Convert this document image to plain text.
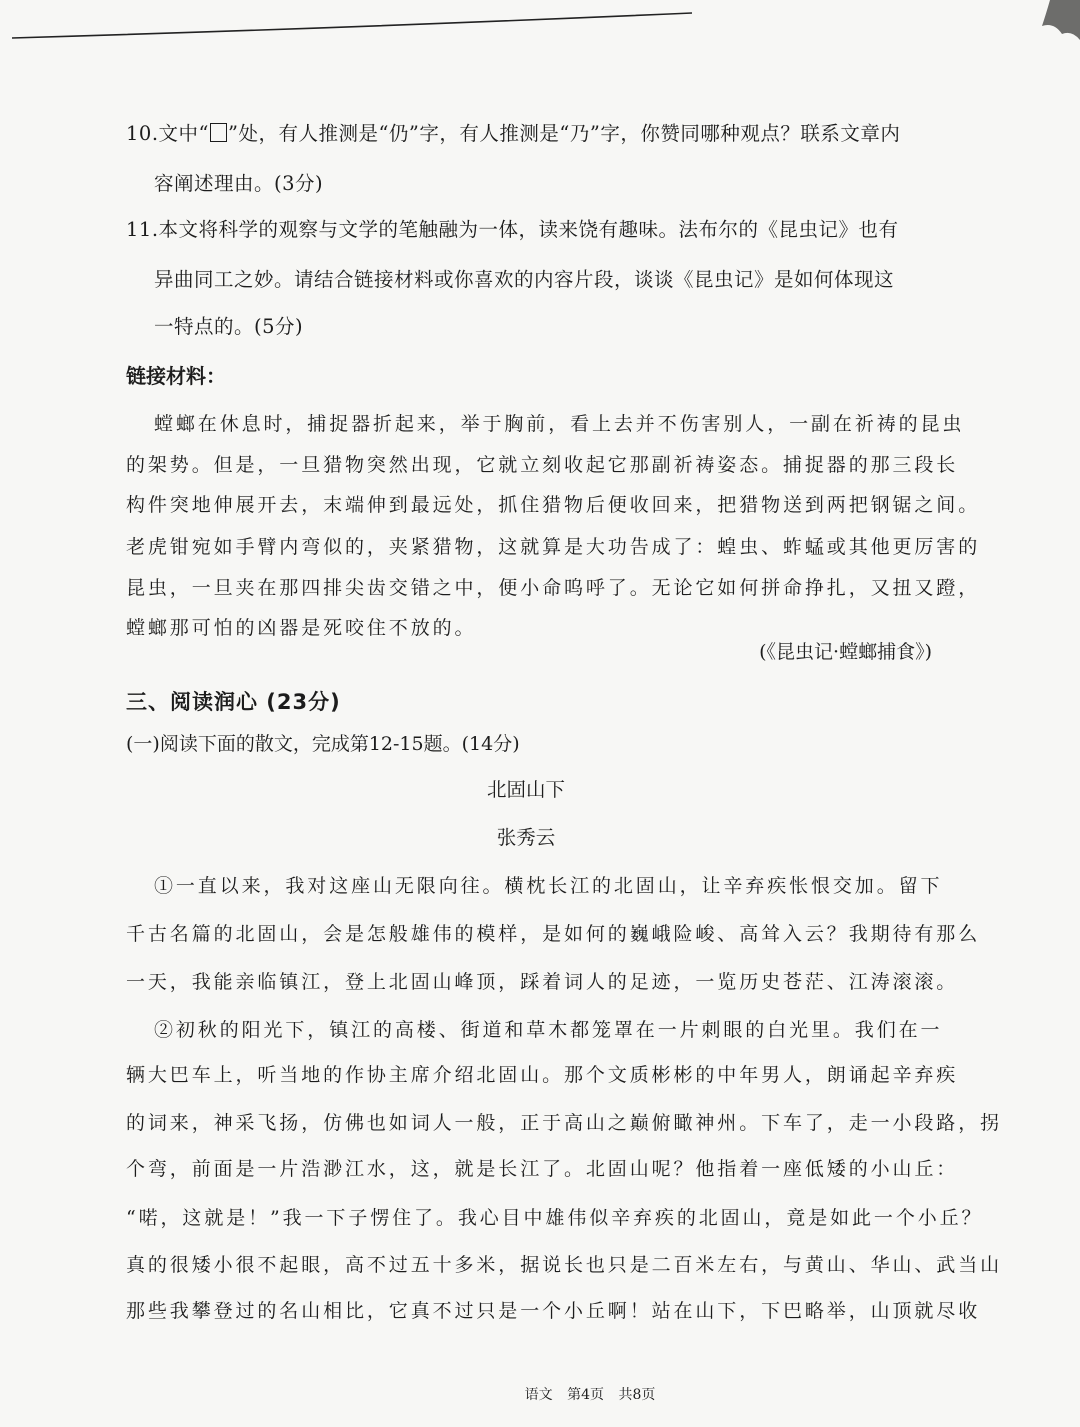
10.文中“ ”处，有人推测是“仍”字，有人推测是“乃”字，你赞同哪种观点？联系文章内
容阐述理由。(3分)
11.本文将科学的观察与文学的笔触融为一体，读来饶有趣味。法布尔的《昆虫记》也有
异曲同工之妙。请结合链接材料或你喜欢的内容片段，谈谈《昆虫记》是如何体现这
一特点的。(5分)
链接材料：
螳螂在休息时，捕捉器折起来，举于胸前，看上去并不伤害别人，一副在祈祷的昆虫
的架势。但是，一旦猎物突然出现，它就立刻收起它那副祈祷姿态。捕捉器的那三段长
构件突地伸展开去，末端伸到最远处，抓住猎物后便收回来，把猎物送到两把钢锯之间。
老虎钳宛如手臂内弯似的，夹紧猎物，这就算是大功告成了：蝗虫、蚱蜢或其他更厉害的
昆虫，一旦夹在那四排尖齿交错之中，便小命呜呼了。无论它如何拼命挣扎，又扭又蹬，
螳螂那可怕的凶器是死咬住不放的。
(《昆虫记·螳螂捕食》)
三、阅读润心 (23分)
(一)阅读下面的散文，完成第12-15题。(14分)
北固山下
张秀云
①一直以来，我对这座山无限向往。横枕长江的北固山，让辛弃疾怅恨交加。留下
千古名篇的北固山，会是怎般雄伟的模样，是如何的巍峨险峻、高耸入云？我期待有那么
一天，我能亲临镇江，登上北固山峰顶，踩着词人的足迹，一览历史苍茫、江涛滚滚。
②初秋的阳光下，镇江的高楼、街道和草木都笼罩在一片刺眼的白光里。我们在一
辆大巴车上，听当地的作协主席介绍北固山。那个文质彬彬的中年男人，朗诵起辛弃疾
的词来，神采飞扬，仿佛也如词人一般，正于高山之巅俯瞰神州。下车了，走一小段路，拐
个弯，前面是一片浩渺江水，这，就是长江了。北固山呢？他指着一座低矮的小山丘：
“喏，这就是！”我一下子愣住了。我心目中雄伟似辛弃疾的北固山，竟是如此一个小丘？
真的很矮小很不起眼，高不过五十多米，据说长也只是二百米左右，与黄山、华山、武当山
那些我攀登过的名山相比，它真不过只是一个小丘啊！站在山下，下巴略举，山顶就尽收
语文 第4页 共8页
